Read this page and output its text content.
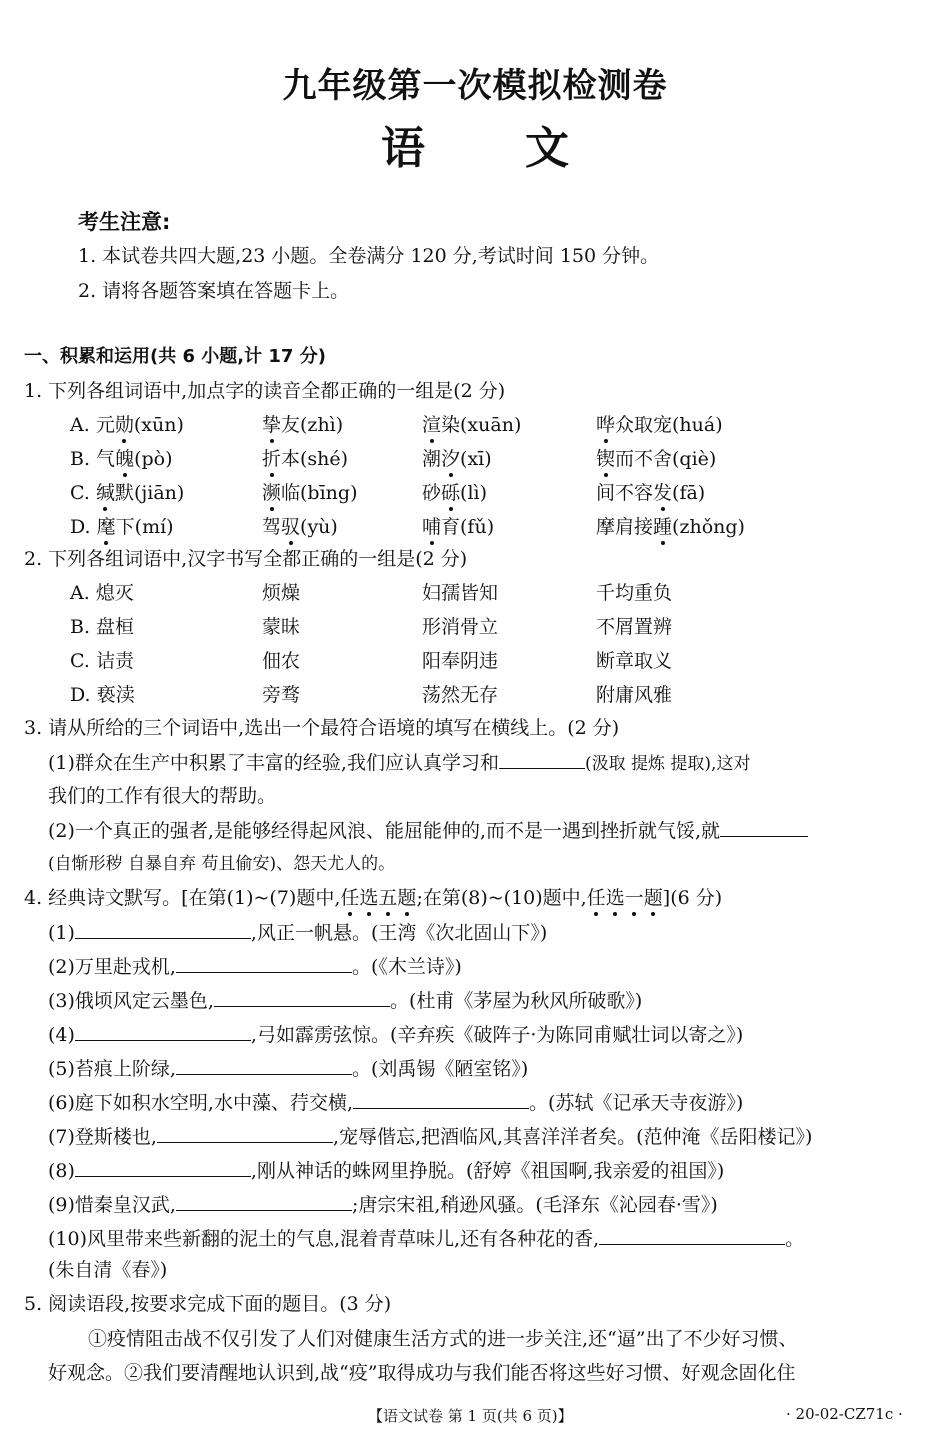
九年级第一次模拟检测卷
语文
考生注意:
1. 本试卷共四大题,23 小题。全卷满分 120 分,考试时间 150 分钟。
2. 请将各题答案填在答题卡上。
一、积累和运用(共 6 小题,计 17 分)
1. 下列各组词语中,加点字的读音全都正确的一组是(2 分)
A. 元勋(xūn)	挚友(zhì)	渲染(xuān)	哗众取宠(huá)
B. 气魄(pò)	折本(shé)	潮汐(xī)	锲而不舍(qiè)
C. 缄默(jiān)	濒临(bīng)	砂砾(lì)	间不容发(fā)
D. 麾下(mí)	驾驭(yù)	哺育(fǔ)	摩肩接踵(zhǒng)
2. 下列各组词语中,汉字书写全都正确的一组是(2 分)
A. 熄灭	烦燥	妇孺皆知	千均重负
B. 盘桓	蒙昧	形消骨立	不屑置辨
C. 诘责	佃农	阳奉阴违	断章取义
D. 亵渎	旁骛	荡然无存	附庸风雅
3. 请从所给的三个词语中,选出一个最符合语境的填写在横线上。(2 分)
(1)群众在生产中积累了丰富的经验,我们应认真学习和	(汲取 提炼 提取),这对
我们的工作有很大的帮助。
(2)一个真正的强者,是能够经得起风浪、能屈能伸的,而不是一遇到挫折就气馁,就
(自惭形秽 自暴自弃 苟且偷安)、怨天尤人的。
4. 经典诗文默写。[在第(1)~(7)题中,任选五题;在第(8)~(10)题中,任选一题](6 分)
(1)	,风正一帆悬。(王湾《次北固山下》)
(2)万里赴戎机,	。(《木兰诗》)
(3)俄顷风定云墨色,	。(杜甫《茅屋为秋风所破歌》)
(4)	,弓如霹雳弦惊。(辛弃疾《破阵子·为陈同甫赋壮词以寄之》)
(5)苔痕上阶绿,	。(刘禹锡《陋室铭》)
(6)庭下如积水空明,水中藻、荇交横,	。(苏轼《记承天寺夜游》)
(7)登斯楼也,	,宠辱偕忘,把酒临风,其喜洋洋者矣。(范仲淹《岳阳楼记》)
(8)	,刚从神话的蛛网里挣脱。(舒婷《祖国啊,我亲爱的祖国》)
(9)惜秦皇汉武,	;唐宗宋祖,稍逊风骚。(毛泽东《沁园春·雪》)
(10)风里带来些新翻的泥土的气息,混着青草味儿,还有各种花的香,	。
(朱自清《春》)
5. 阅读语段,按要求完成下面的题目。(3 分)
①疫情阻击战不仅引发了人们对健康生活方式的进一步关注,还“逼”出了不少好习惯、
好观念。②我们要清醒地认识到,战“疫”取得成功与我们能否将这些好习惯、好观念固化住
【语文试卷 第 1 页(共 6 页)】	· 20-02-CZ71c ·
